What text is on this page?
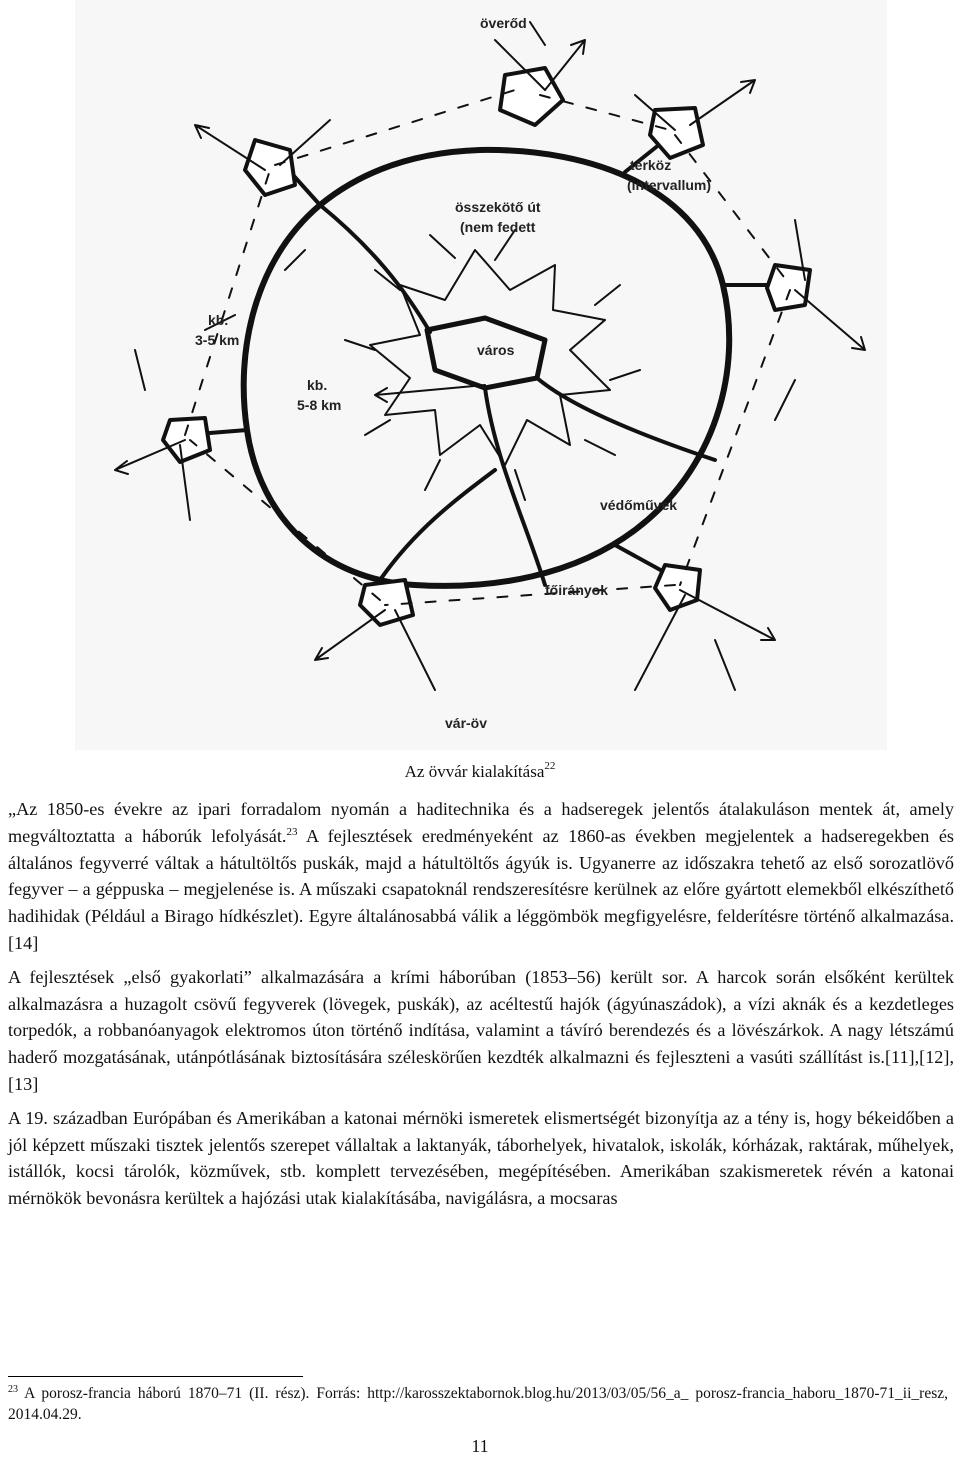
överőd
térköz
(intervallum)
összekötő út
(nem fedett
kb.
3-5 km
kb.
5-8 km
város
védőművek
főirányok
vár-öv
Az övvár kialakítása$^{22}$

„Az 1850-es évekre az ipari forradalom nyomán a haditechnika és a hadseregek jelentős átalakuláson mentek át, amely megváltoztatta a háborúk lefolyását.$^{23}$ A fejlesztések eredményeként az 1860-as években megjelentek a hadseregekben és általános fegyverré váltak a hátultöltős puskák, majd a hátultöltős ágyúk is. Ugyanerre az időszakra tehető az első sorozatlövő fegyver – a géppuska – megjelenése is. A műszaki csapatoknál rendszeresítésre kerülnek az előre gyártott elemekből elkészíthető hadihidak (Például a Birago hídkészlet). Egyre általánosabbá válik a léggömbök megfigyelésre, felderítésre történő alkalmazása.[14]

A fejlesztések „első gyakorlati” alkalmazására a krími háborúban (1853–56) került sor. A harcok során elsőként kerültek alkalmazásra a huzagolt csövű fegyverek (lövegek, puskák), az acéltestű hajók (ágyúnaszádok), a vízi aknák és a kezdetleges torpedók, a robbanóanyagok elektromos úton történő indítása, valamint a távíró berendezés és a lövészárkok. A nagy létszámú haderő mozgatásának, utánpótlásának biztosítására széleskörűen kezdték alkalmazni és fejleszteni a vasúti szállítást is.[11],[12],[13]

A 19. században Európában és Amerikában a katonai mérnöki ismeretek elismertségét bizonyítja az a tény is, hogy békeidőben a jól képzett műszaki tisztek jelentős szerepet vállaltak a laktanyák, táborhelyek, hivatalok, iskolák, kórházak, raktárak, műhelyek, istállók, kocsi tárolók, közművek, stb. komplett tervezésében, megépítésében. Amerikában szakismeretek révén a katonai mérnökök bevonásra kerültek a hajózási utak kialakításába, navigálásra, a mocsaras

$^{23}$ A porosz-francia háború 1870–71 (II. rész). Forrás: http://karosszektabornok.blog.hu/2013/03/05/56_a_ porosz-francia_haboru_1870-71_ii_resz, 2014.04.29.
11
